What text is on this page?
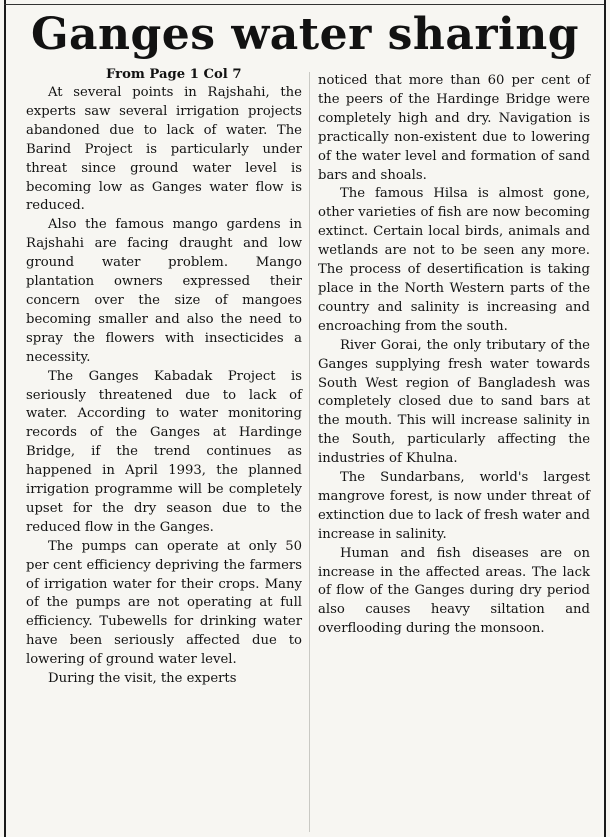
Ganges water sharing

From Page 1 Col 7

At several points in Rajshahi, the experts saw several irrigation projects abandoned due to lack of water. The Barind Project is particularly under threat since ground water level is becoming low as Ganges water flow is reduced.

Also the famous mango gardens in Rajshahi are facing draught and low ground water problem. Mango plantation owners expressed their concern over the size of mangoes becoming smaller and also the need to spray the flowers with insecticides a necessity.

The Ganges Kabadak Project is seriously threatened due to lack of water. According to water monitoring records of the Ganges at Hardinge Bridge, if the trend continues as happened in April 1993, the planned irrigation programme will be completely upset for the dry season due to the reduced flow in the Ganges.

The pumps can operate at only 50 per cent efficiency depriving the farmers of irrigation water for their crops. Many of the pumps are not operating at full efficiency. Tubewells for drinking water have been seriously affected due to lowering of ground water level.

During the visit, the experts

noticed that more than 60 per cent of the peers of the Hardinge Bridge were completely high and dry. Navigation is practically non-existent due to lowering of the water level and formation of sand bars and shoals.

The famous Hilsa is almost gone, other varieties of fish are now becoming extinct. Certain local birds, animals and wetlands are not to be seen any more. The process of desertification is taking place in the North Western parts of the country and salinity is increasing and encroaching from the south.

River Gorai, the only tributary of the Ganges supplying fresh water towards South West region of Bangladesh was completely closed due to sand bars at the mouth. This will increase salinity in the South, particularly affecting the industries of Khulna.

The Sundarbans, world's largest mangrove forest, is now under threat of extinction due to lack of fresh water and increase in salinity.

Human and fish diseases are on increase in the affected areas. The lack of flow of the Ganges during dry period also causes heavy siltation and overflooding during the monsoon.
